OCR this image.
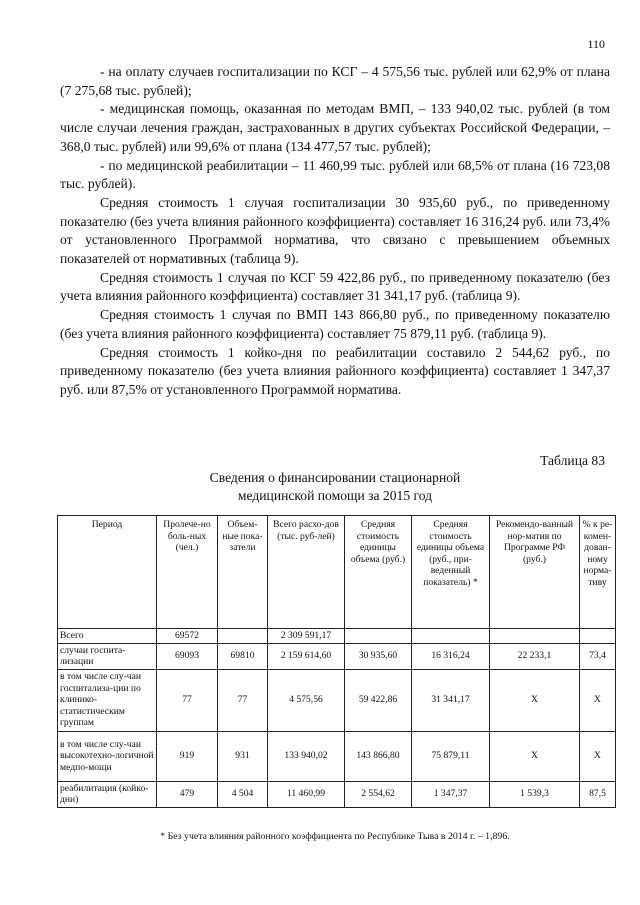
110

- на оплату случаев госпитализации по КСГ – 4 575,56 тыс. рублей или 62,9% от плана (7 275,68 тыс. рублей);

- медицинская помощь, оказанная по методам ВМП, – 133 940,02 тыс. рублей (в том числе случаи лечения граждан, застрахованных в других субъектах Российской Федерации, – 368,0 тыс. рублей) или 99,6% от плана (134 477,57 тыс. рублей);

- по медицинской реабилитации – 11 460,99 тыс. рублей или 68,5% от плана (16 723,08 тыс. рублей).

Средняя стоимость 1 случая госпитализации 30 935,60 руб., по приведенному показателю (без учета влияния районного коэффициента) составляет 16 316,24 руб. или 73,4% от установленного Программой норматива, что связано с превышением объемных показателей от нормативных (таблица 9).

Средняя стоимость 1 случая по КСГ 59 422,86 руб., по приведенному показателю (без учета влияния районного коэффициента) составляет 31 341,17 руб. (таблица 9).

Средняя стоимость 1 случая по ВМП 143 866,80 руб., по приведенному показателю (без учета влияния районного коэффициента) составляет 75 879,11 руб. (таблица 9).

Средняя стоимость 1 койко-дня по реабилитации составило 2 544,62 руб., по приведенному показателю (без учета влияния районного коэффициента) составляет 1 347,37 руб. или 87,5% от установленного Программой норматива.

Таблица 83
Сведения о финансировании стационарной
медицинской помощи за 2015 год
Период	Пролече-но боль-ных (чел.)	Объем-ные пока-затели	Всего расхо-дов (тыс. руб-лей)	Средняя стоимость единицы объема (руб.)	Средняя стоимость единицы объема (руб., при-веденный показатель) *	Рекомендо-ванный нор-матив по Программе РФ (руб.)	% к ре-комен-дован-ному норма-тиву
Всего	69572		2 309 591,17				
случаи госпита-лизации	69093	69810	2 159 614,60	30 935,60	16 316,24	22 233,1	73,4
в том числе слу-чаи госпитализа-ции по клинико-статистическим группам	77	77	4 575,56	59 422,86	31 341,17	X	X
в том числе слу-чаи высокотехно-логичной медпо-мощи	919	931	133 940,02	143 866,80	75 879,11	X	X
реабилитация (койко-дни)	479	4 504	11 460,99	2 554,62	1 347,37	1 539,3	87,5
* Без учета влияния районного коэффициента по Республике Тыва в 2014 г. – 1,896.
